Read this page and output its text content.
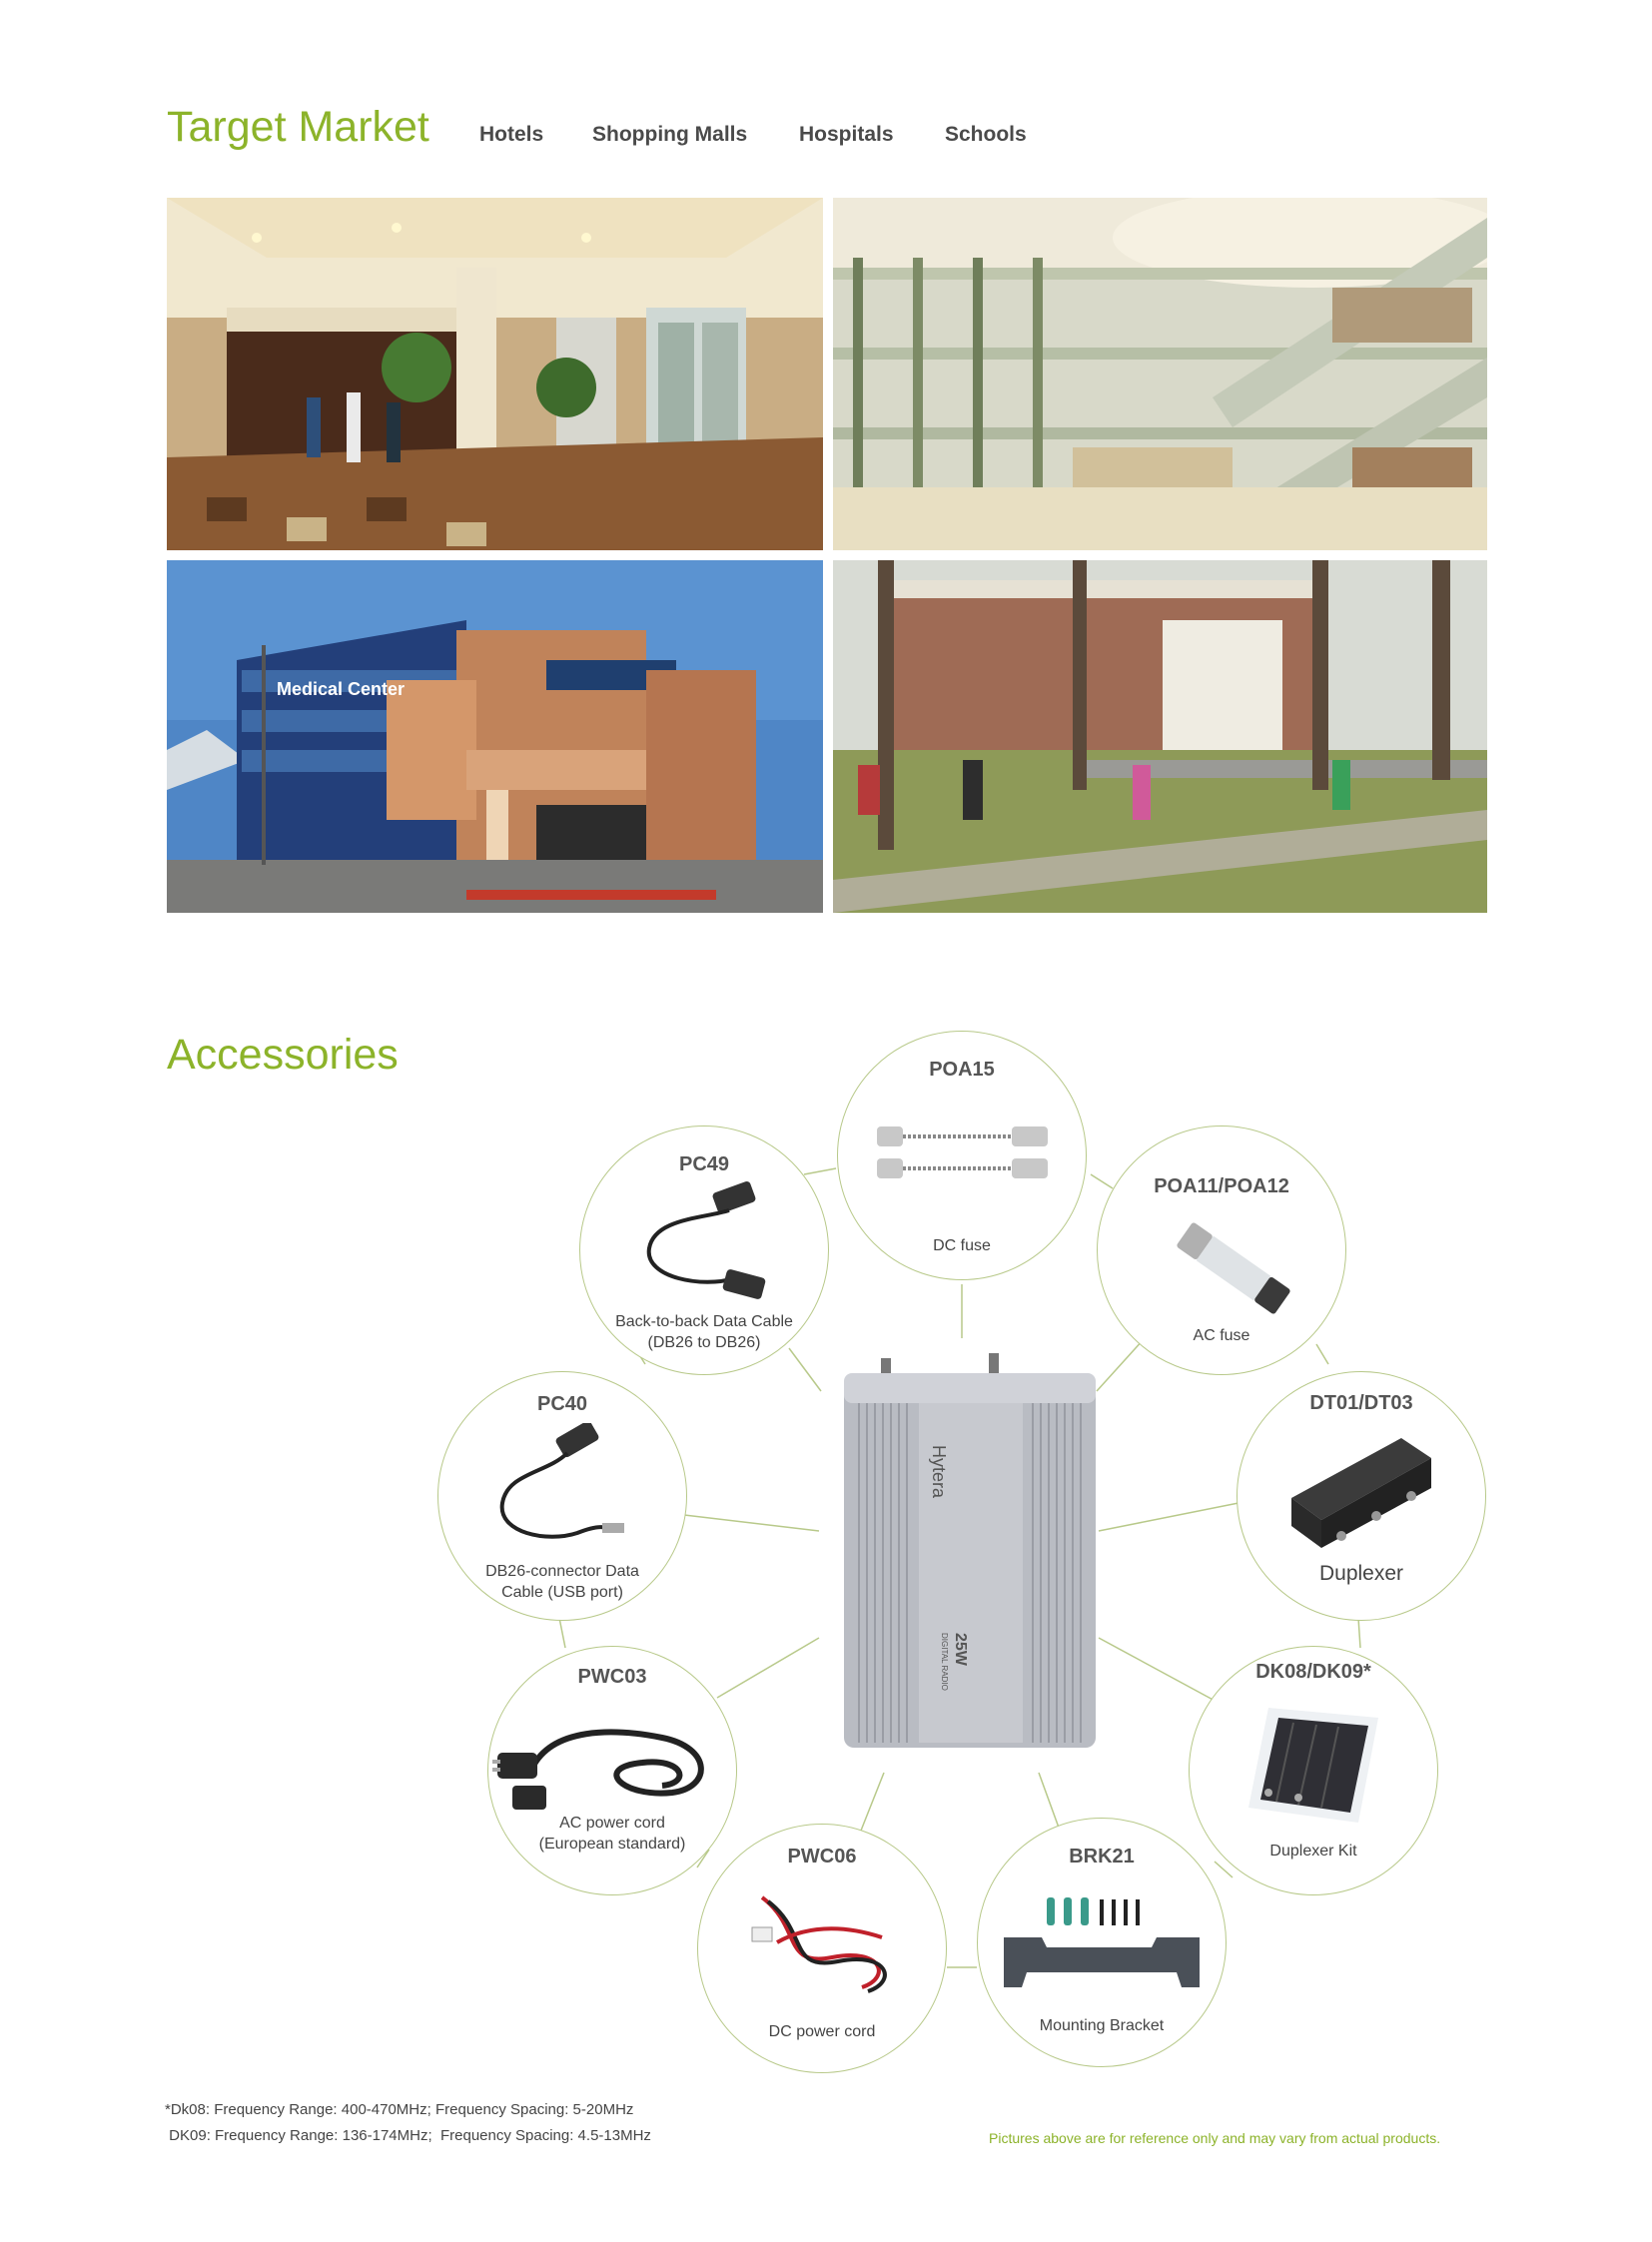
Target Market Hotels Shopping Malls Hospitals Schools
Medical Center
Accessories
Hytera
DIGITAL RADIO 25W
POA15
DC fuse
POA11/POA12
AC fuse
DT01/DT03
Duplexer
DK08/DK09*
Duplexer Kit
BRK21
Mounting Bracket
PWC06
DC power cord
PWC03
AC power cord
(European standard)
PC40
DB26-connector Data
Cable (USB port)
PC49
Back-to-back Data Cable
(DB26 to DB26)
*Dk08: Frequency Range: 400-470MHz; Frequency Spacing: 5-20MHz
DK09: Frequency Range: 136-174MHz;  Frequency Spacing: 4.5-13MHz	Pictures above are for reference only and may vary from actual products.
